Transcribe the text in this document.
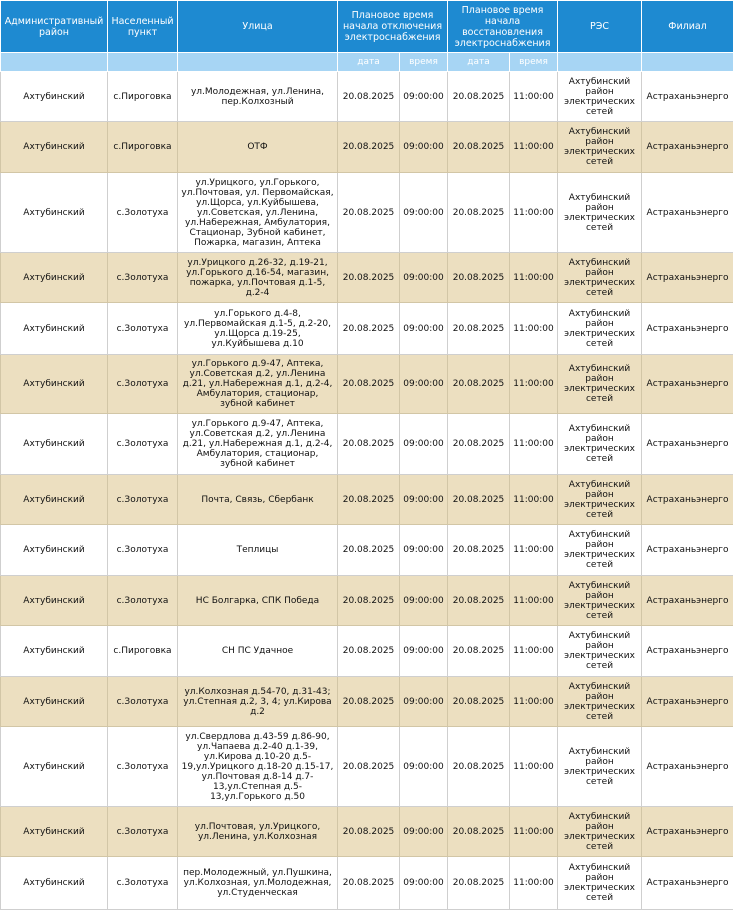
Административный район	Населенный пункт	Улица	Плановое время начала отключения электроснабжения		Плановое время начала восстановления электроснабжения		РЭС	Филиал
			дата	время	дата	время		
Ахтубинский	с.Пироговка	ул.Молодежная, ул.Ленина, пер.Колхозный	20.08.2025	09:00:00	20.08.2025	11:00:00	Ахтубинский район электрических сетей	Астраханьэнерго
Ахтубинский	с.Пироговка	ОТФ	20.08.2025	09:00:00	20.08.2025	11:00:00	Ахтубинский район электрических сетей	Астраханьэнерго
Ахтубинский	с.Золотуха	ул.Урицкого, ул.Горького, ул.Почтовая, ул. Первомайская, ул.Щорса, ул.Куйбышева, ул.Советская, ул.Ленина, ул.Набережная, Амбулатория, Стационар, Зубной кабинет, Пожарка, магазин, Аптека	20.08.2025	09:00:00	20.08.2025	11:00:00	Ахтубинский район электрических сетей	Астраханьэнерго
Ахтубинский	с.Золотуха	ул.Урицкого д.26-32, д.19-21, ул.Горького д.16-54, магазин, пожарка, ул.Почтовая д.1-5, д.2-4	20.08.2025	09:00:00	20.08.2025	11:00:00	Ахтубинский район электрических сетей	Астраханьэнерго
Ахтубинский	с.Золотуха	ул.Горького д.4-8, ул.Первомайская д.1-5, д.2-20, ул.Щорса д.19-25, ул.Куйбышева д.10	20.08.2025	09:00:00	20.08.2025	11:00:00	Ахтубинский район электрических сетей	Астраханьэнерго
Ахтубинский	с.Золотуха	ул.Горького д.9-47, Аптека, ул.Советская д.2, ул.Ленина д.21, ул.Набережная д.1, д.2-4, Амбулатория, стационар, зубной кабинет	20.08.2025	09:00:00	20.08.2025	11:00:00	Ахтубинский район электрических сетей	Астраханьэнерго
Ахтубинский	с.Золотуха	ул.Горького д.9-47, Аптека, ул.Советская д.2, ул.Ленина д.21, ул.Набережная д.1, д.2-4, Амбулатория, стационар, зубной кабинет	20.08.2025	09:00:00	20.08.2025	11:00:00	Ахтубинский район электрических сетей	Астраханьэнерго
Ахтубинский	с.Золотуха	Почта, Связь, Сбербанк	20.08.2025	09:00:00	20.08.2025	11:00:00	Ахтубинский район электрических сетей	Астраханьэнерго
Ахтубинский	с.Золотуха	Теплицы	20.08.2025	09:00:00	20.08.2025	11:00:00	Ахтубинский район электрических сетей	Астраханьэнерго
Ахтубинский	с.Золотуха	НС Болгарка, СПК Победа	20.08.2025	09:00:00	20.08.2025	11:00:00	Ахтубинский район электрических сетей	Астраханьэнерго
Ахтубинский	с.Пироговка	СН ПС Удачное	20.08.2025	09:00:00	20.08.2025	11:00:00	Ахтубинский район электрических сетей	Астраханьэнерго
Ахтубинский	с.Золотуха	ул.Колхозная д.54-70, д.31-43; ул.Степная д.2, 3, 4; ул.Кирова д.2	20.08.2025	09:00:00	20.08.2025	11:00:00	Ахтубинский район электрических сетей	Астраханьэнерго
Ахтубинский	с.Золотуха	ул.Свердлова д.43-59 д.86-90, ул.Чапаева д.2-40 д.1-39, ул.Кирова д.10-20 д.5-19,ул.Урицкого д.18-20 д.15-17, ул.Почтовая д.8-14 д.7-13,ул.Степная д.5-13,ул.Горького д.50	20.08.2025	09:00:00	20.08.2025	11:00:00	Ахтубинский район электрических сетей	Астраханьэнерго
Ахтубинский	с.Золотуха	ул.Почтовая, ул.Урицкого, ул.Ленина, ул.Колхозная	20.08.2025	09:00:00	20.08.2025	11:00:00	Ахтубинский район электрических сетей	Астраханьэнерго
Ахтубинский	с.Золотуха	пер.Молодежный, ул.Пушкина, ул.Колхозная, ул.Молодежная, ул.Студенческая	20.08.2025	09:00:00	20.08.2025	11:00:00	Ахтубинский район электрических сетей	Астраханьэнерго
